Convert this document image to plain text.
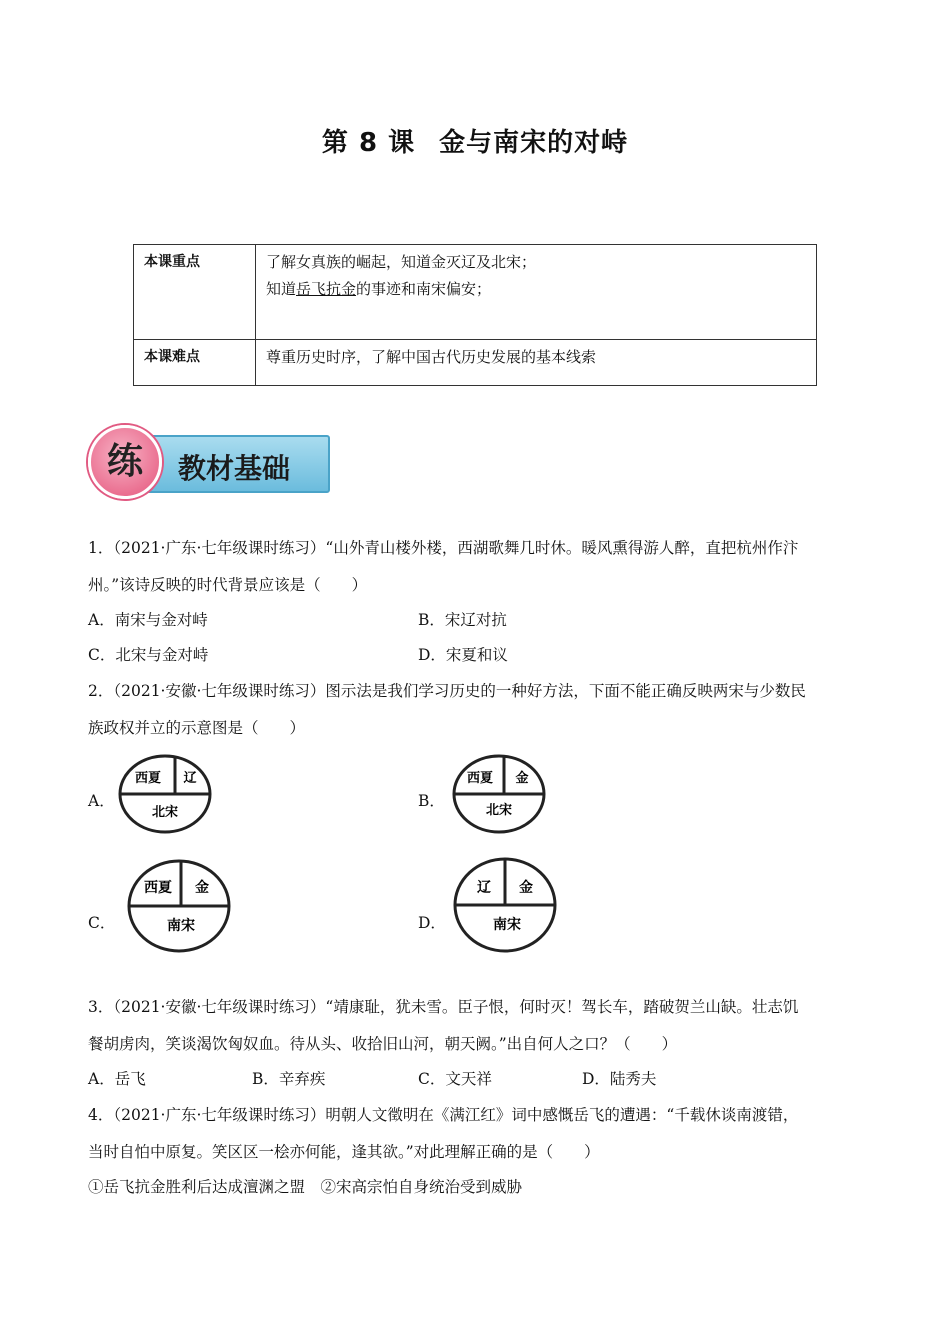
第 8 课 金与南宋的对峙
本课重点	了解女真族的崛起，知道金灭辽及北宋；
知道岳飞抗金的事迹和南宋偏安；

本课难点	尊重历史时序，了解中国古代历史发展的基本线索
教材基础
练
1．（2021·广东·七年级课时练习）“山外青山楼外楼，西湖歌舞几时休。暖风熏得游人醉，直把杭州作汴
州。”该诗反映的时代背景应该是（　　）
A．南宋与金对峙	B．宋辽对抗
C．北宋与金对峙	D．宋夏和议
2．（2021·安徽·七年级课时练习）图示法是我们学习历史的一种好方法，下面不能正确反映两宋与少数民
族政权并立的示意图是（　　）
A．
西夏 辽
北宋
B．
西夏 金
北宋
C．
西夏 金
南宋	D．
辽 金
南宋
3．（2021·安徽·七年级课时练习）“靖康耻，犹未雪。臣子恨，何时灭！驾长车，踏破贺兰山缺。壮志饥
餐胡虏肉，笑谈渴饮匈奴血。待从头、收拾旧山河，朝天阙。”出自何人之口？（　　）
A．岳飞	B．辛弃疾	C．文天祥	D．陆秀夫
4．（2021·广东·七年级课时练习）明朝人文徵明在《满江红》词中感慨岳飞的遭遇：“千载休谈南渡错，
当时自怕中原复。笑区区一桧亦何能，逢其欲。”对此理解正确的是（　　）
①岳飞抗金胜利后达成澶渊之盟　②宋高宗怕自身统治受到威胁
